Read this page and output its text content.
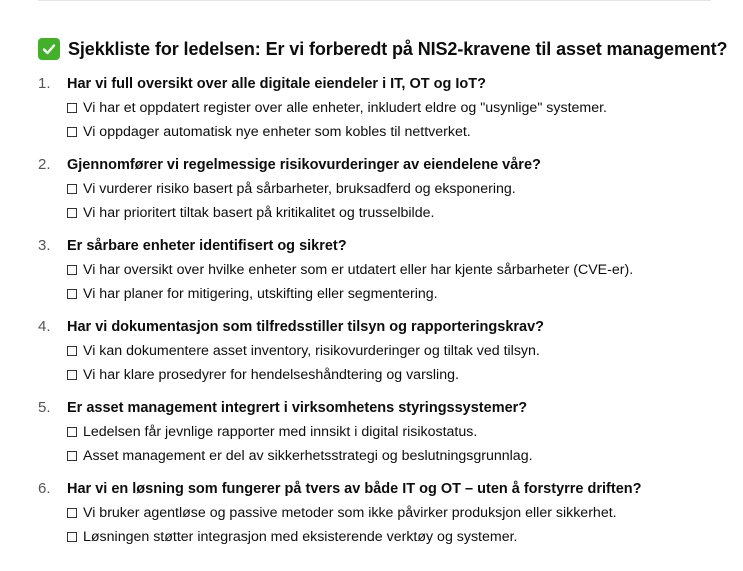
Sjekkliste for ledelsen: Er vi forberedt på NIS2-kravene til asset management?
1.	Har vi full oversikt over alle digitale eiendeler i IT, OT og IoT?
Vi har et oppdatert register over alle enheter, inkludert eldre og "usynlige" systemer.
Vi oppdager automatisk nye enheter som kobles til nettverket.
2.	Gjennomfører vi regelmessige risikovurderinger av eiendelene våre?
Vi vurderer risiko basert på sårbarheter, bruksadferd og eksponering.
Vi har prioritert tiltak basert på kritikalitet og trusselbilde.
3.	Er sårbare enheter identifisert og sikret?
Vi har oversikt over hvilke enheter som er utdatert eller har kjente sårbarheter (CVE-er).
Vi har planer for mitigering, utskifting eller segmentering.
4.	Har vi dokumentasjon som tilfredsstiller tilsyn og rapporteringskrav?
Vi kan dokumentere asset inventory, risikovurderinger og tiltak ved tilsyn.
Vi har klare prosedyrer for hendelseshåndtering og varsling.
5.	Er asset management integrert i virksomhetens styringssystemer?
Ledelsen får jevnlige rapporter med innsikt i digital risikostatus.
Asset management er del av sikkerhetsstrategi og beslutningsgrunnlag.
6.	Har vi en løsning som fungerer på tvers av både IT og OT – uten å forstyrre driften?
Vi bruker agentløse og passive metoder som ikke påvirker produksjon eller sikkerhet.
Løsningen støtter integrasjon med eksisterende verktøy og systemer.
